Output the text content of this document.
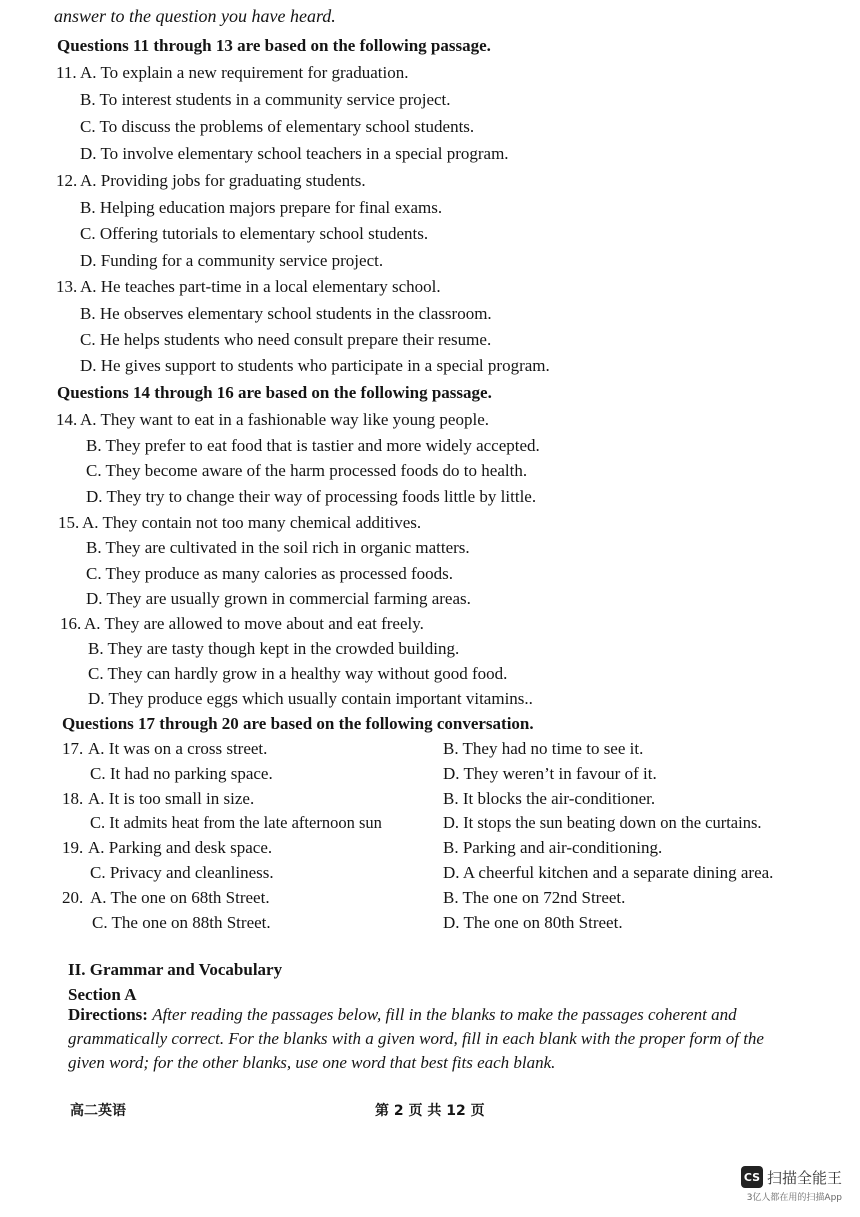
answer to the question you have heard.
Questions 11 through 13 are based on the following passage.
11. A. To explain a new requirement for graduation.
B. To interest students in a community service project.
C. To discuss the problems of elementary school students.
D. To involve elementary school teachers in a special program.
12. A. Providing jobs for graduating students.
B. Helping education majors prepare for final exams.
C. Offering tutorials to elementary school students.
D. Funding for a community service project.
13. A. He teaches part-time in a local elementary school.
B. He observes elementary school students in the classroom.
C. He helps students who need consult prepare their resume.
D. He gives support to students who participate in a special program.
Questions 14 through 16 are based on the following passage.
14. A. They want to eat in a fashionable way like young people.
B. They prefer to eat food that is tastier and more widely accepted.
C. They become aware of the harm processed foods do to health.
D. They try to change their way of processing foods little by little.
15. A. They contain not too many chemical additives.
B. They are cultivated in the soil rich in organic matters.
C. They produce as many calories as processed foods.
D. They are usually grown in commercial farming areas.
16. A. They are allowed to move about and eat freely.
B. They are tasty though kept in the crowded building.
C. They can hardly grow in a healthy way without good food.
D. They produce eggs which usually contain important vitamins..
Questions 17 through 20 are based on the following conversation.
17. A. It was on a cross street.	B. They had no time to see it.
C. It had no parking space.	D. They weren’t in favour of it.
18. A. It is too small in size.	B. It blocks the air-conditioner.
C. It admits heat from the late afternoon sun	D. It stops the sun beating down on the curtains.
19. A. Parking and desk space.	B. Parking and air-conditioning.
C. Privacy and cleanliness.	D. A cheerful kitchen and a separate dining area.
20. A. The one on 68th Street.	B. The one on 72nd Street.
C. The one on 88th Street.	D. The one on 80th Street.
II. Grammar and Vocabulary
Section A
Directions: After reading the passages below, fill in the blanks to make the passages coherent and grammatically correct. For the blanks with a given word, fill in each blank with the proper form of the given word; for the other blanks, use one word that best fits each blank.
高二英语	第 2 页 共 12 页
CS 扫描全能王
3亿人都在用的扫描App
